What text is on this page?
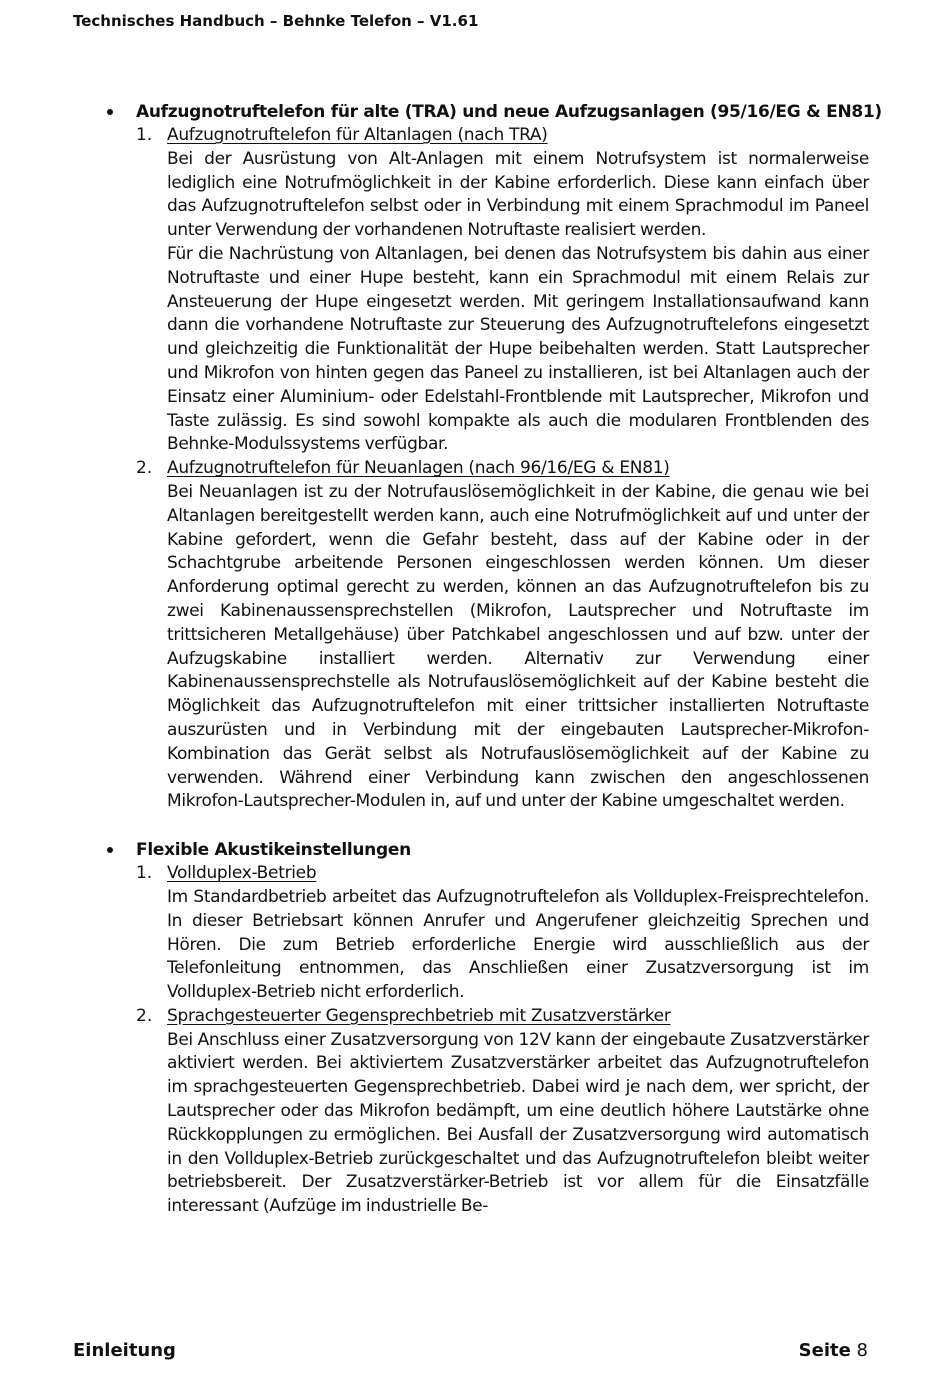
Technisches Handbuch – Behnke Telefon – V1.61
Aufzugnotruftelefon für alte (TRA) und neue Aufzugsanlagen (95/16/EG & EN81)
1. Aufzugnotruftelefon für Altanlagen (nach TRA)

Bei der Ausrüstung von Alt-Anlagen mit einem Notrufsystem ist normalerweise lediglich eine Notrufmöglichkeit in der Kabine erforderlich. Diese kann einfach über das Aufzugnotruftelefon selbst oder in Verbindung mit einem Sprachmodul im Paneel unter Verwendung der vorhandenen Notruftaste realisiert werden.

Für die Nachrüstung von Altanlagen, bei denen das Notrufsystem bis dahin aus einer Notruftaste und einer Hupe besteht, kann ein Sprachmodul mit einem Relais zur Ansteuerung der Hupe eingesetzt werden. Mit geringem Installationsaufwand kann dann die vorhandene Notruftaste zur Steuerung des Aufzugnotruftelefons eingesetzt und gleichzeitig die Funktionalität der Hupe beibehalten werden. Statt Lautsprecher und Mikrofon von hinten gegen das Paneel zu installieren, ist bei Altanlagen auch der Einsatz einer Aluminium- oder Edelstahl-Frontblende mit Lautsprecher, Mikrofon und Taste zulässig. Es sind sowohl kompakte als auch die modularen Frontblenden des Behnke-Modulssystems verfügbar.

2. Aufzugnotruftelefon für Neuanlagen (nach 96/16/EG & EN81)

Bei Neuanlagen ist zu der Notrufauslösemöglichkeit in der Kabine, die genau wie bei Altanlagen bereitgestellt werden kann, auch eine Notrufmöglichkeit auf und unter der Kabine gefordert, wenn die Gefahr besteht, dass auf der Kabine oder in der Schachtgrube arbeitende Personen eingeschlossen werden können. Um dieser Anforderung optimal gerecht zu werden, können an das Aufzugnotruftelefon bis zu zwei Kabinenaussensprechstellen (Mikrofon, Lautsprecher und Notruftaste im trittsicheren Metallgehäuse) über Patchkabel angeschlossen und auf bzw. unter der Aufzugskabine installiert werden. Alternativ zur Verwendung einer Kabinenaussensprechstelle als Notrufauslösemöglichkeit auf der Kabine besteht die Möglichkeit das Aufzugnotruftelefon mit einer trittsicher installierten Notruftaste auszurüsten und in Verbindung mit der eingebauten Lautsprecher-Mikrofon-Kombination das Gerät selbst als Notrufauslösemöglichkeit auf der Kabine zu verwenden. Während einer Verbindung kann zwischen den angeschlossenen Mikrofon-Lautsprecher-Modulen in, auf und unter der Kabine umgeschaltet werden.

Flexible Akustikeinstellungen
1. Vollduplex-Betrieb

Im Standardbetrieb arbeitet das Aufzugnotruftelefon als Vollduplex-Freisprechtelefon. In dieser Betriebsart können Anrufer und Angerufener gleichzeitig Sprechen und Hören. Die zum Betrieb erforderliche Energie wird ausschließlich aus der Telefonleitung entnommen, das Anschließen einer Zusatzversorgung ist im Vollduplex-Betrieb nicht erforderlich.

2. Sprachgesteuerter Gegensprechbetrieb mit Zusatzverstärker

Bei Anschluss einer Zusatzversorgung von 12V kann der eingebaute Zusatzverstärker aktiviert werden. Bei aktiviertem Zusatzverstärker arbeitet das Aufzugnotruftelefon im sprachgesteuerten Gegensprechbetrieb. Dabei wird je nach dem, wer spricht, der Lautsprecher oder das Mikrofon bedämpft, um eine deutlich höhere Lautstärke ohne Rückkopplungen zu ermöglichen. Bei Ausfall der Zusatzversorgung wird automatisch in den Vollduplex-Betrieb zurückgeschaltet und das Aufzugnotruftelefon bleibt weiter betriebsbereit. Der Zusatzverstärker-Betrieb ist vor allem für die Einsatzfälle interessant (Aufzüge im industrielle Be-

Einleitung	Seite 8
